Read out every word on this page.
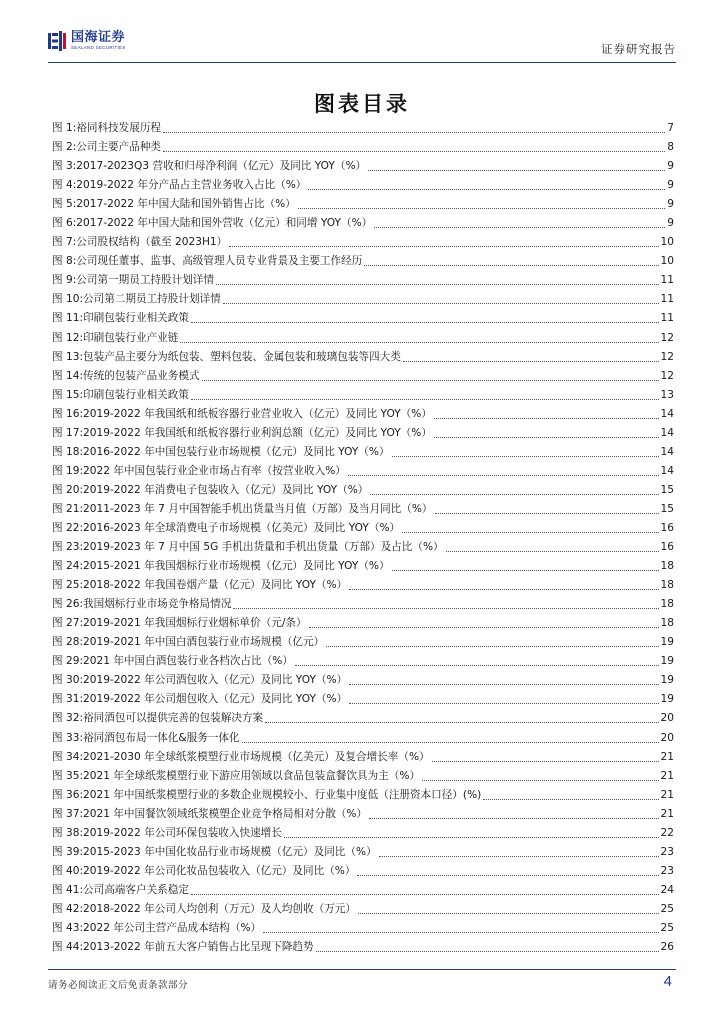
国海证券
SEALAND SECURITIES	证券研究报告
图表目录
图 1: 裕同科技发展历程	7
图 2: 公司主要产品种类	8
图 3: 2017-2023Q3 营收和归母净利润（亿元）及同比 YOY（%）	9
图 4: 2019-2022 年分产品占主营业务收入占比（%）	9
图 5: 2017-2022 年中国大陆和国外销售占比（%）	9
图 6: 2017-2022 年中国大陆和国外营收（亿元）和同增 YOY（%）	9
图 7: 公司股权结构（截至 2023H1）	10
图 8: 公司现任董事、监事、高级管理人员专业背景及主要工作经历	10
图 9: 公司第一期员工持股计划详情	11
图 10: 公司第二期员工持股计划详情	11
图 11: 印刷包装行业相关政策	11
图 12: 印刷包装行业产业链	12
图 13: 包装产品主要分为纸包装、塑料包装、金属包装和玻璃包装等四大类	12
图 14: 传统的包装产品业务模式	12
图 15: 印刷包装行业相关政策	13
图 16: 2019-2022 年我国纸和纸板容器行业营业收入（亿元）及同比 YOY（%）	14
图 17: 2019-2022 年我国纸和纸板容器行业利润总额（亿元）及同比 YOY（%）	14
图 18: 2016-2022 年中国包装行业市场规模（亿元）及同比 YOY（%）	14
图 19: 2022 年中国包装行业企业市场占有率（按营业收入%）	14
图 20: 2019-2022 年消费电子包装收入（亿元）及同比 YOY（%）	15
图 21: 2011-2023 年 7 月中国智能手机出货量当月值（万部）及当月同比（%）	15
图 22: 2016-2023 年全球消费电子市场规模（亿美元）及同比 YOY（%）	16
图 23: 2019-2023 年 7 月中国 5G 手机出货量和手机出货量（万部）及占比（%）	16
图 24: 2015-2021 年我国烟标行业市场规模（亿元）及同比 YOY（%）	18
图 25: 2018-2022 年我国卷烟产量（亿元）及同比 YOY（%）	18
图 26: 我国烟标行业市场竞争格局情况	18
图 27: 2019-2021 年我国烟标行业烟标单价（元/条）	18
图 28: 2019-2021 年中国白酒包装行业市场规模（亿元）	19
图 29: 2021 年中国白酒包装行业各档次占比（%）	19
图 30: 2019-2022 年公司酒包收入（亿元）及同比 YOY（%）	19
图 31: 2019-2022 年公司烟包收入（亿元）及同比 YOY（%）	19
图 32: 裕同酒包可以提供完善的包装解决方案	20
图 33: 裕同酒包布局一体化&服务一体化	20
图 34: 2021-2030 年全球纸浆模塑行业市场规模（亿美元）及复合增长率（%）	21
图 35: 2021 年全球纸浆模塑行业下游应用领域以食品包装盒餐饮具为主（%）	21
图 36: 2021 年中国纸浆模塑行业的多数企业规模较小、行业集中度低（注册资本口径）(%)	21
图 37: 2021 年中国餐饮领域纸浆模塑企业竞争格局相对分散（%）	21
图 38: 2019-2022 年公司环保包装收入快速增长	22
图 39: 2015-2023 年中国化妆品行业市场规模（亿元）及同比（%）	23
图 40: 2019-2022 年公司化妆品包装收入（亿元）及同比（%）	23
图 41: 公司高端客户关系稳定	24
图 42: 2018-2022 年公司人均创利（万元）及人均创收（万元）	25
图 43: 2022 年公司主营产品成本结构（%）	25
图 44: 2013-2022 年前五大客户销售占比呈现下降趋势	26
请务必阅读正文后免责条款部分	4
